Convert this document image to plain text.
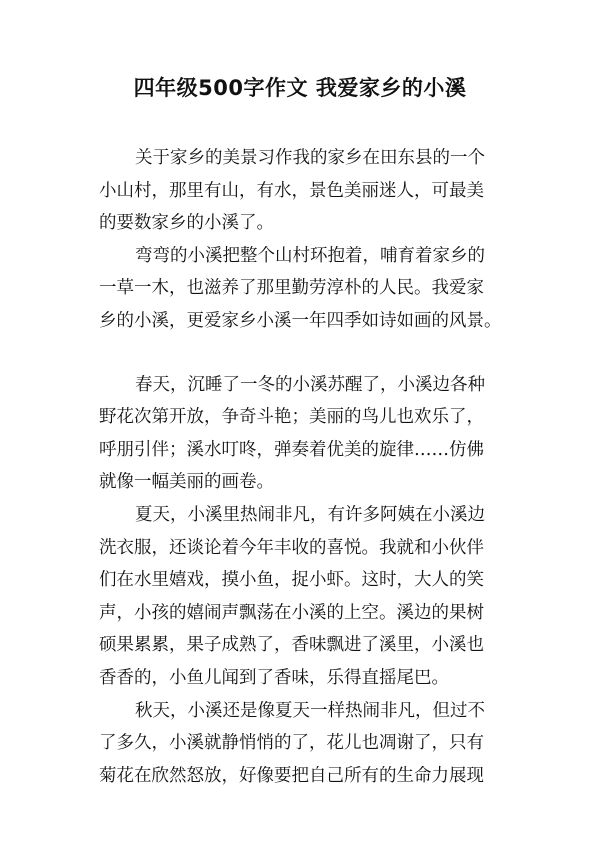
四年级500字作文 我爱家乡的小溪

关于家乡的美景习作我的家乡在田东县的一个
小山村，那里有山，有水，景色美丽迷人，可最美
的要数家乡的小溪了。

弯弯的小溪把整个山村环抱着，哺育着家乡的
一草一木，也滋养了那里勤劳淳朴的人民。我爱家
乡的小溪，更爱家乡小溪一年四季如诗如画的风景。

春天，沉睡了一冬的小溪苏醒了，小溪边各种
野花次第开放，争奇斗艳；美丽的鸟儿也欢乐了，
呼朋引伴；溪水叮咚，弹奏着优美的旋律……仿佛
就像一幅美丽的画卷。

夏天，小溪里热闹非凡，有许多阿姨在小溪边
洗衣服，还谈论着今年丰收的喜悦。我就和小伙伴
们在水里嬉戏，摸小鱼，捉小虾。这时，大人的笑
声，小孩的嬉闹声飘荡在小溪的上空。溪边的果树
硕果累累，果子成熟了，香味飘进了溪里，小溪也
香香的，小鱼儿闻到了香味，乐得直摇尾巴。

秋天，小溪还是像夏天一样热闹非凡，但过不
了多久，小溪就静悄悄的了，花儿也凋谢了，只有
菊花在欣然怒放，好像要把自己所有的生命力展现
